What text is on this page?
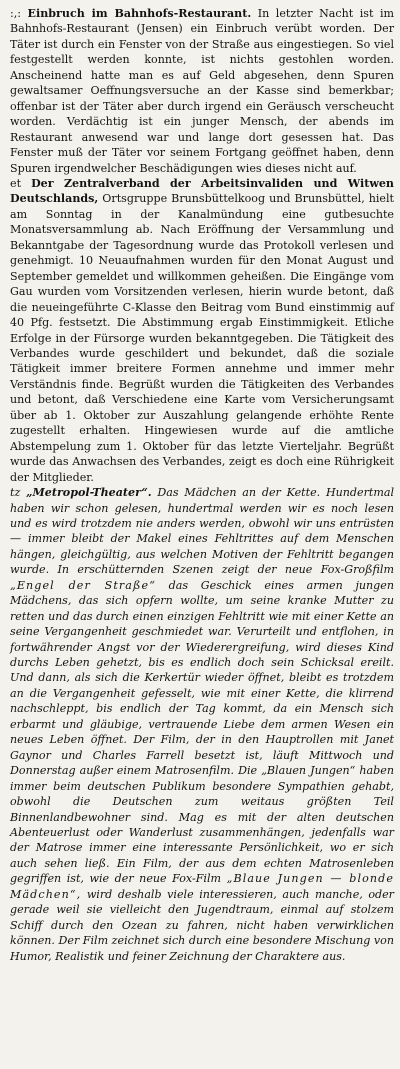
:,: Einbruch im Bahnhofs-Restaurant. In letzter Nacht ist im Bahnhofs-Restaurant (Jensen) ein Einbruch verübt worden. Der Täter ist durch ein Fenster von der Straße aus eingestiegen. So viel festgestellt werden konnte, ist nichts gestohlen worden. Anscheinend hatte man es auf Geld abgesehen, denn Spuren gewaltsamer Oeffnungsversuche an der Kasse sind bemerkbar; offenbar ist der Täter aber durch irgend ein Geräusch verscheucht worden. Verdächtig ist ein junger Mensch, der abends im Restaurant anwesend war und lange dort gesessen hat. Das Fenster muß der Täter vor seinem Fortgang geöffnet haben, denn Spuren irgendwelcher Beschädigungen wies dieses nicht auf.

et Der Zentralverband der Arbeitsinvaliden und Witwen Deutschlands, Ortsgruppe Brunsbüttelkoog und Brunsbüttel, hielt am Sonntag in der Kanalmündung eine gutbesuchte Monatsversammlung ab. Nach Eröffnung der Versammlung und Bekanntgabe der Tagesordnung wurde das Protokoll verlesen und genehmigt. 10 Neuaufnahmen wurden für den Monat August und September gemeldet und willkommen geheißen. Die Eingänge vom Gau wurden vom Vorsitzenden verlesen, hierin wurde betont, daß die neueingeführte C-Klasse den Beitrag vom Bund einstimmig auf 40 Pfg. festsetzt. Die Abstimmung ergab Einstimmigkeit. Etliche Erfolge in der Fürsorge wurden bekanntgegeben. Die Tätigkeit des Verbandes wurde geschildert und bekundet, daß die soziale Tätigkeit immer breitere Formen annehme und immer mehr Verständnis finde. Begrüßt wurden die Tätigkeiten des Verbandes und betont, daß Verschiedene eine Karte vom Versicherungsamt über ab 1. Oktober zur Auszahlung gelangende erhöhte Rente zugestellt erhalten. Hingewiesen wurde auf die amtliche Abstempelung zum 1. Oktober für das letzte Vierteljahr. Begrüßt wurde das Anwachsen des Verbandes, zeigt es doch eine Rührigkeit der Mitglieder.

tz „Metropol-Theater“. Das Mädchen an der Kette. Hundertmal haben wir schon gelesen, hundertmal werden wir es noch lesen und es wird trotzdem nie anders werden, obwohl wir uns entrüsten — immer bleibt der Makel eines Fehltrittes auf dem Menschen hängen, gleichgültig, aus welchen Motiven der Fehltritt begangen wurde. In erschütternden Szenen zeigt der neue Fox-Großfilm „Engel der Straße“ das Geschick eines armen jungen Mädchens, das sich opfern wollte, um seine kranke Mutter zu retten und das durch einen einzigen Fehltritt wie mit einer Kette an seine Vergangenheit geschmiedet war. Verurteilt und entflohen, in fortwährender Angst vor der Wiederergreifung, wird dieses Kind durchs Leben gehetzt, bis es endlich doch sein Schicksal ereilt. Und dann, als sich die Kerkertür wieder öffnet, bleibt es trotzdem an die Vergangenheit gefesselt, wie mit einer Kette, die klirrend nachschleppt, bis endlich der Tag kommt, da ein Mensch sich erbarmt und gläubige, vertrauende Liebe dem armen Wesen ein neues Leben öffnet. Der Film, der in den Hauptrollen mit Janet Gaynor und Charles Farrell besetzt ist, läuft Mittwoch und Donnerstag außer einem Matrosenfilm. Die „Blauen Jungen“ haben immer beim deutschen Publikum besondere Sympathien gehabt, obwohl die Deutschen zum weitaus größten Teil Binnenlandbewohner sind. Mag es mit der alten deutschen Abenteuerlust oder Wanderlust zusammenhängen, jedenfalls war der Matrose immer eine interessante Persönlichkeit, wo er sich auch sehen ließ. Ein Film, der aus dem echten Matrosenleben gegriffen ist, wie der neue Fox-Film „Blaue Jungen — blonde Mädchen“, wird deshalb viele interessieren, auch manche, oder gerade weil sie vielleicht den Jugendtraum, einmal auf stolzem Schiff durch den Ozean zu fahren, nicht haben verwirklichen können. Der Film zeichnet sich durch eine besondere Mischung von Humor, Realistik und feiner Zeichnung der Charaktere aus.
